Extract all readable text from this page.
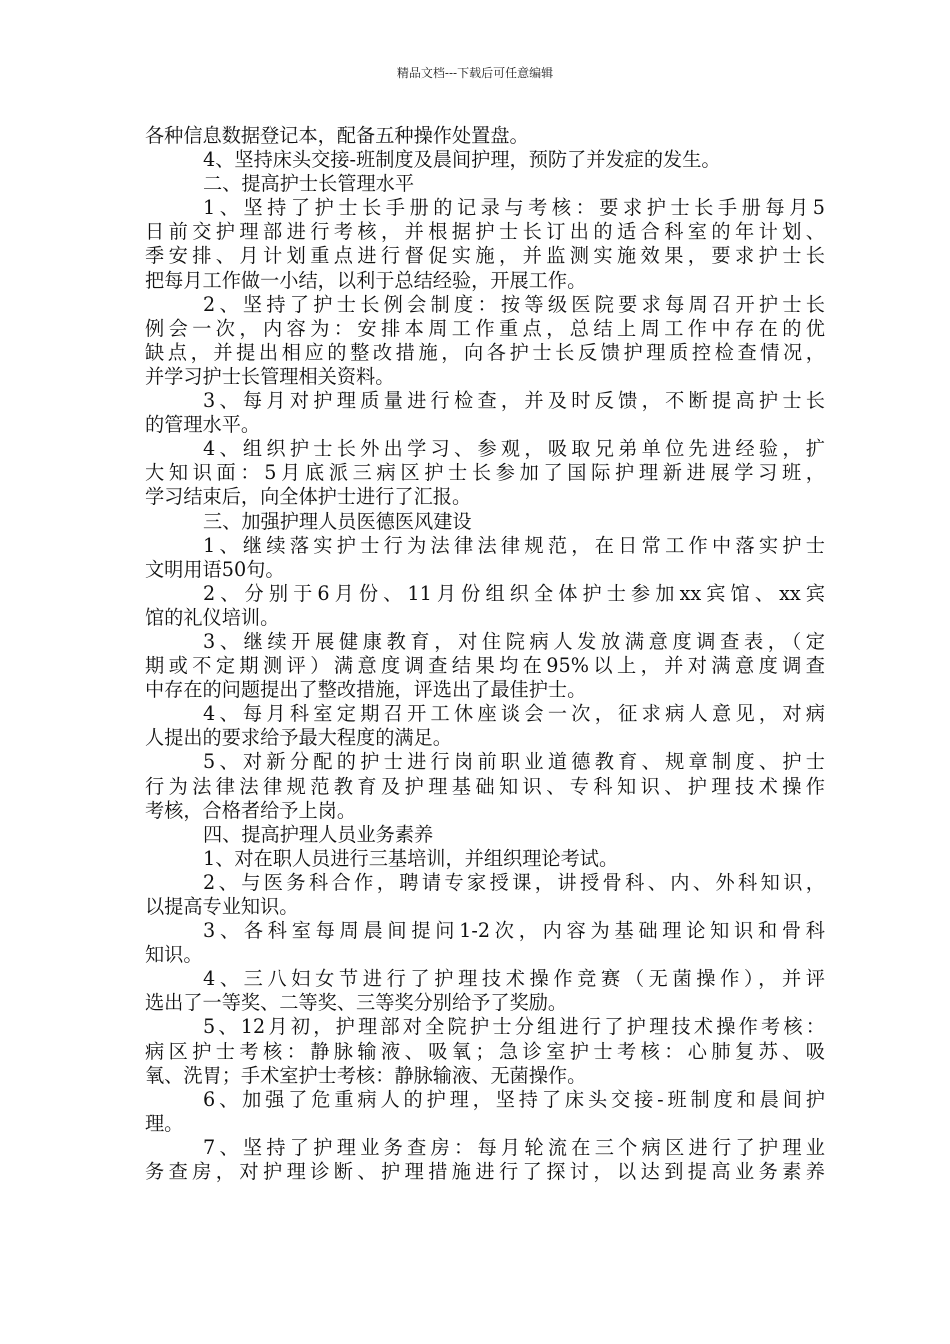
精品文档---下载后可任意编辑
各种信息数据登记本，配备五种操作处置盘。
4、坚持床头交接-班制度及晨间护理，预防了并发症的发生。
二、提高护士长管理水平
1、坚持了护士长手册的记录与考核：要求护士长手册每月5
日前交护理部进行考核，并根据护士长订出的适合科室的年计划、
季安排、月计划重点进行督促实施，并监测实施效果，要求护士长
把每月工作做一小结，以利于总结经验，开展工作。
2、坚持了护士长例会制度：按等级医院要求每周召开护士长
例会一次，内容为：安排本周工作重点，总结上周工作中存在的优
缺点，并提出相应的整改措施，向各护士长反馈护理质控检查情况，
并学习护士长管理相关资料。
3、每月对护理质量进行检查，并及时反馈，不断提高护士长
的管理水平。
4、组织护士长外出学习、参观，吸取兄弟单位先进经验，扩
大知识面：5月底派三病区护士长参加了国际护理新进展学习班，
学习结束后，向全体护士进行了汇报。
三、加强护理人员医德医风建设
1、继续落实护士行为法律法律规范，在日常工作中落实护士
文明用语50句。
2、分别于6月份、11月份组织全体护士参加xx宾馆、xx宾
馆的礼仪培训。
3、继续开展健康教育，对住院病人发放满意度调查表，（定
期或不定期测评）满意度调查结果均在95%以上，并对满意度调查
中存在的问题提出了整改措施，评选出了最佳护士。
4、每月科室定期召开工休座谈会一次，征求病人意见，对病
人提出的要求给予最大程度的满足。
5、对新分配的护士进行岗前职业道德教育、规章制度、护士
行为法律法律规范教育及护理基础知识、专科知识、护理技术操作
考核，合格者给予上岗。
四、提高护理人员业务素养
1、对在职人员进行三基培训，并组织理论考试。
2、与医务科合作，聘请专家授课，讲授骨科、内、外科知识，
以提高专业知识。
3、各科室每周晨间提问1-2次，内容为基础理论知识和骨科
知识。
4、三八妇女节进行了护理技术操作竞赛（无菌操作），并评
选出了一等奖、二等奖、三等奖分别给予了奖励。
5、12月初，护理部对全院护士分组进行了护理技术操作考核：
病区护士考核：静脉输液、吸氧；急诊室护士考核：心肺复苏、吸
氧、洗胃；手术室护士考核：静脉输液、无菌操作。
6、加强了危重病人的护理，坚持了床头交接-班制度和晨间护
理。
7、坚持了护理业务查房：每月轮流在三个病区进行了护理业
务查房，对护理诊断、护理措施进行了探讨，以达到提高业务素养
